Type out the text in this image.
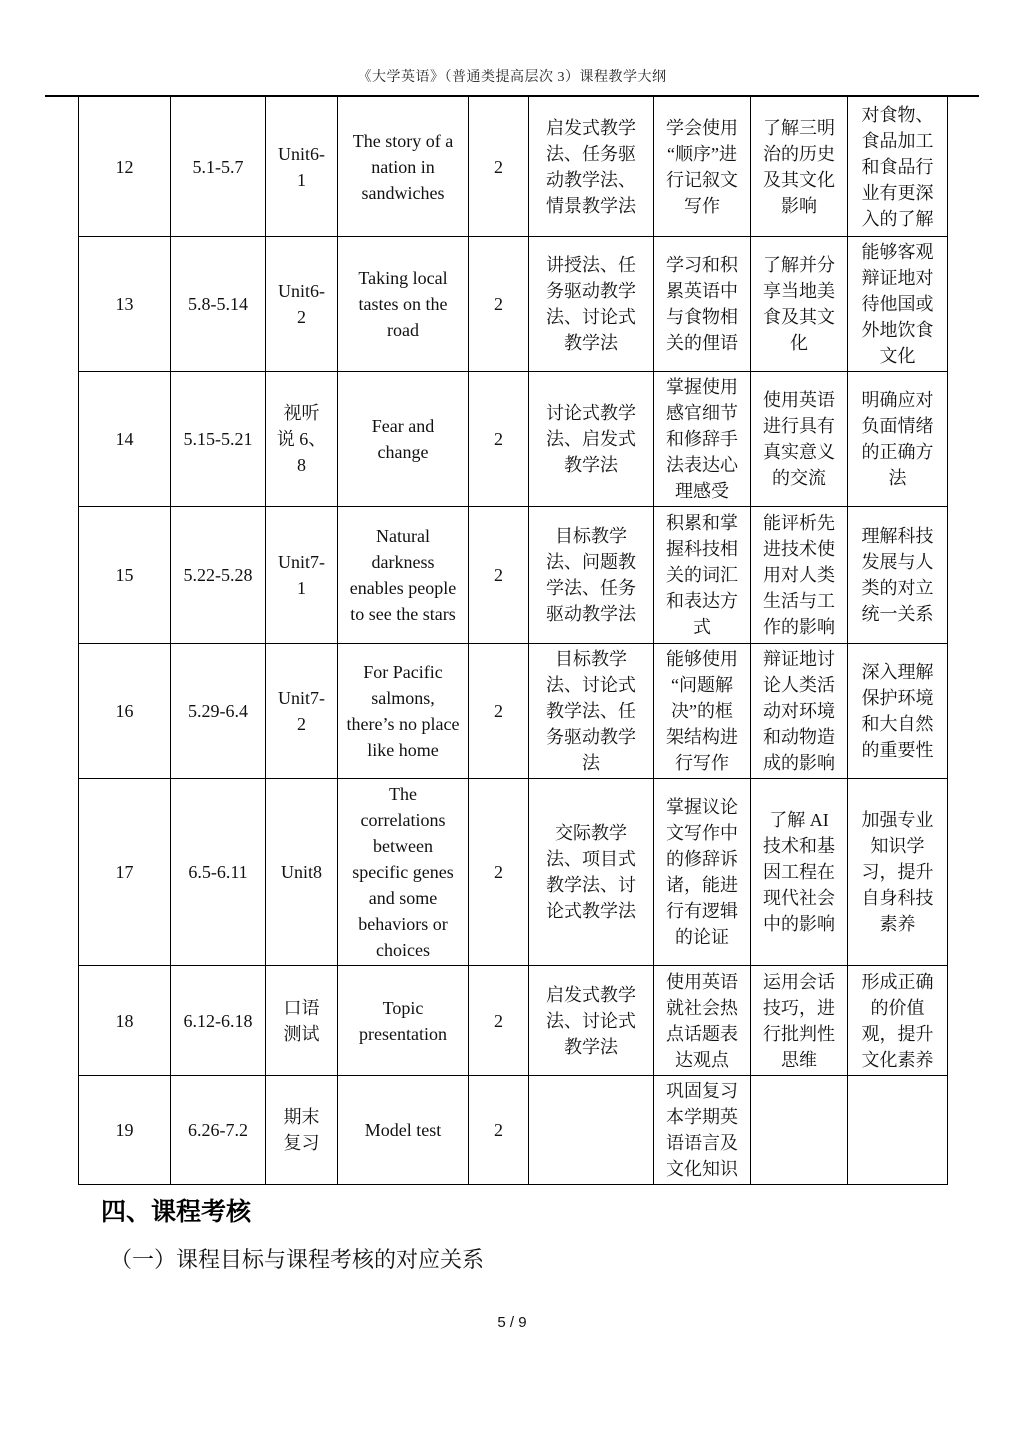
《大学英语》（普通类提高层次 3）课程教学大纲
12	5.1-5.7	Unit6-1	The story of a nation in sandwiches	2	启发式教学法、任务驱动教学法、情景教学法	学会使用“顺序”进行记叙文写作	了解三明治的历史及其文化影响	对食物、食品加工和食品行业有更深入的了解
13	5.8-5.14	Unit6-2	Taking local tastes on the road	2	讲授法、任务驱动教学法、讨论式教学法	学习和积累英语中与食物相关的俚语	了解并分享当地美食及其文化	能够客观辩证地对待他国或外地饮食文化
14	5.15-5.21	视听说 6、8	Fear and change	2	讨论式教学法、启发式教学法	掌握使用感官细节和修辞手法表达心理感受	使用英语进行具有真实意义的交流	明确应对负面情绪的正确方法
15	5.22-5.28	Unit7-1	Natural darkness enables people to see the stars	2	目标教学法、问题教学法、任务驱动教学法	积累和掌握科技相关的词汇和表达方式	能评析先进技术使用对人类生活与工作的影响	理解科技发展与人类的对立统一关系
16	5.29-6.4	Unit7-2	For Pacific salmons, there’s no place like home	2	目标教学法、讨论式教学法、任务驱动教学法	能够使用“问题解决”的框架结构进行写作	辩证地讨论人类活动对环境和动物造成的影响	深入理解保护环境和大自然的重要性
17	6.5-6.11	Unit8	The correlations between specific genes and some behaviors or choices	2	交际教学法、项目式教学法、讨论式教学法	掌握议论文写作中的修辞诉诸，能进行有逻辑的论证	了解 AI 技术和基因工程在现代社会中的影响	加强专业知识学习，提升自身科技素养
18	6.12-6.18	口语测试	Topic presentation	2	启发式教学法、讨论式教学法	使用英语就社会热点话题表达观点	运用会话技巧，进行批判性思维	形成正确的价值观，提升文化素养
19	6.26-7.2	期末复习	Model test	2		巩固复习本学期英语语言及文化知识		
四、课程考核
（一）课程目标与课程考核的对应关系
5 / 9
